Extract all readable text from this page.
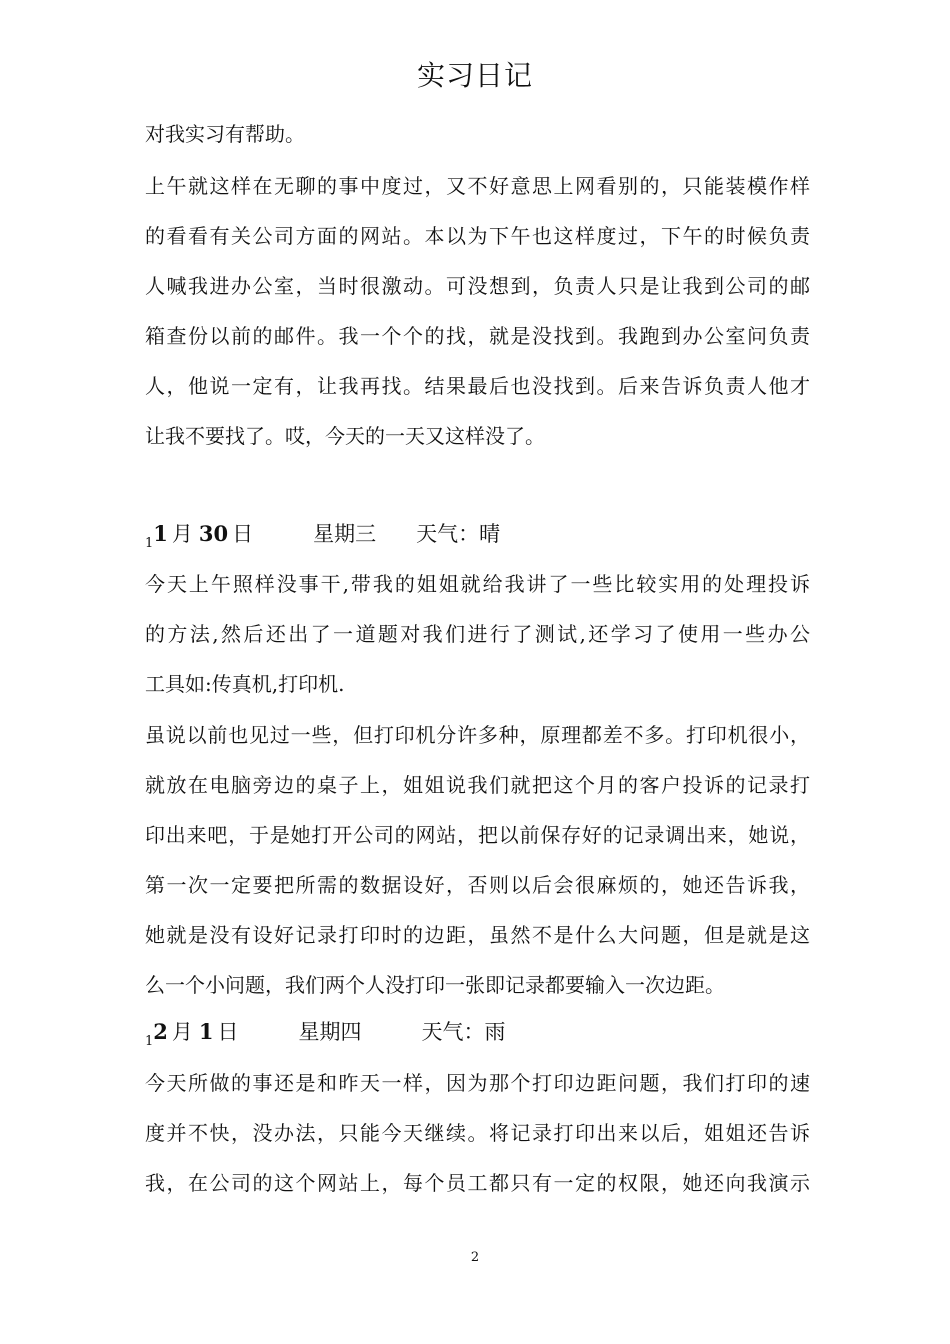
实习日记
对我实习有帮助。
上午就这样在无聊的事中度过，又不好意思上网看别的，只能装模作样
的看看有关公司方面的网站。本以为下午也这样度过，下午的时候负责
人喊我进办公室，当时很激动。可没想到，负责人只是让我到公司的邮
箱查份以前的邮件。我一个个的找，就是没找到。我跑到办公室问负责
人，他说一定有，让我再找。结果最后也没找到。后来告诉负责人他才
让我不要找了。哎，今天的一天又这样没了。
$_1$1 月 30 日	星期三 天气：晴
今天上午照样没事干,带我的姐姐就给我讲了一些比较实用的处理投诉
的方法,然后还出了一道题对我们进行了测试,还学习了使用一些办公
工具如:传真机,打印机.
虽说以前也见过一些，但打印机分许多种，原理都差不多。打印机很小，
就放在电脑旁边的桌子上，姐姐说我们就把这个月的客户投诉的记录打
印出来吧，于是她打开公司的网站，把以前保存好的记录调出来，她说，
第一次一定要把所需的数据设好，否则以后会很麻烦的，她还告诉我，
她就是没有设好记录打印时的边距，虽然不是什么大问题，但是就是这
么一个小问题，我们两个人没打印一张即记录都要输入一次边距。
$_1$2 月 1 日	星期四	天气：雨
今天所做的事还是和昨天一样，因为那个打印边距问题，我们打印的速
度并不快，没办法，只能今天继续。将记录打印出来以后，姐姐还告诉
我，在公司的这个网站上，每个员工都只有一定的权限，她还向我演示
2
